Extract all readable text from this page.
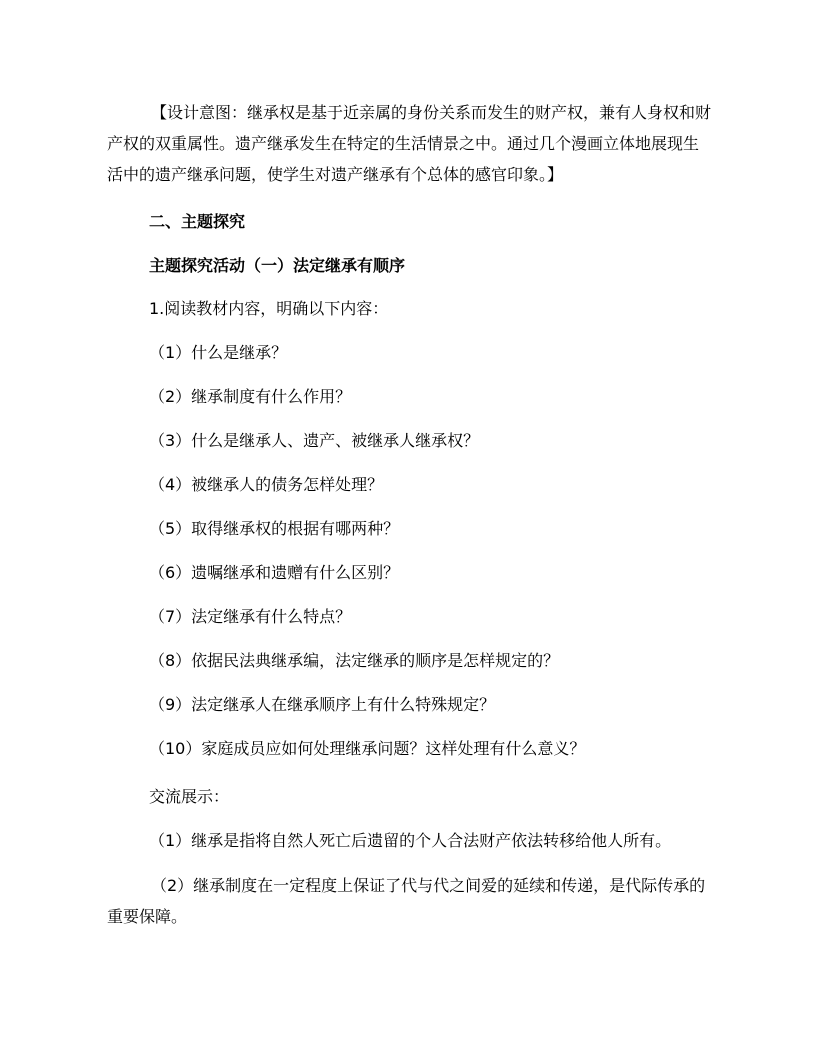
【设计意图：继承权是基于近亲属的身份关系而发生的财产权，兼有人身权和财产权的双重属性。遗产继承发生在特定的生活情景之中。通过几个漫画立体地展现生活中的遗产继承问题，使学生对遗产继承有个总体的感官印象。】

二、主题探究

主题探究活动（一）法定继承有顺序

1.阅读教材内容，明确以下内容：

（1）什么是继承？

（2）继承制度有什么作用？

（3）什么是继承人、遗产、被继承人继承权？

（4）被继承人的债务怎样处理？

（5）取得继承权的根据有哪两种？

（6）遗嘱继承和遗赠有什么区别？

（7）法定继承有什么特点？

（8）依据民法典继承编，法定继承的顺序是怎样规定的？

（9）法定继承人在继承顺序上有什么特殊规定？

（10）家庭成员应如何处理继承问题？这样处理有什么意义？

交流展示：

（1）继承是指将自然人死亡后遗留的个人合法财产依法转移给他人所有。

（2）继承制度在一定程度上保证了代与代之间爱的延续和传递，是代际传承的重要保障。
